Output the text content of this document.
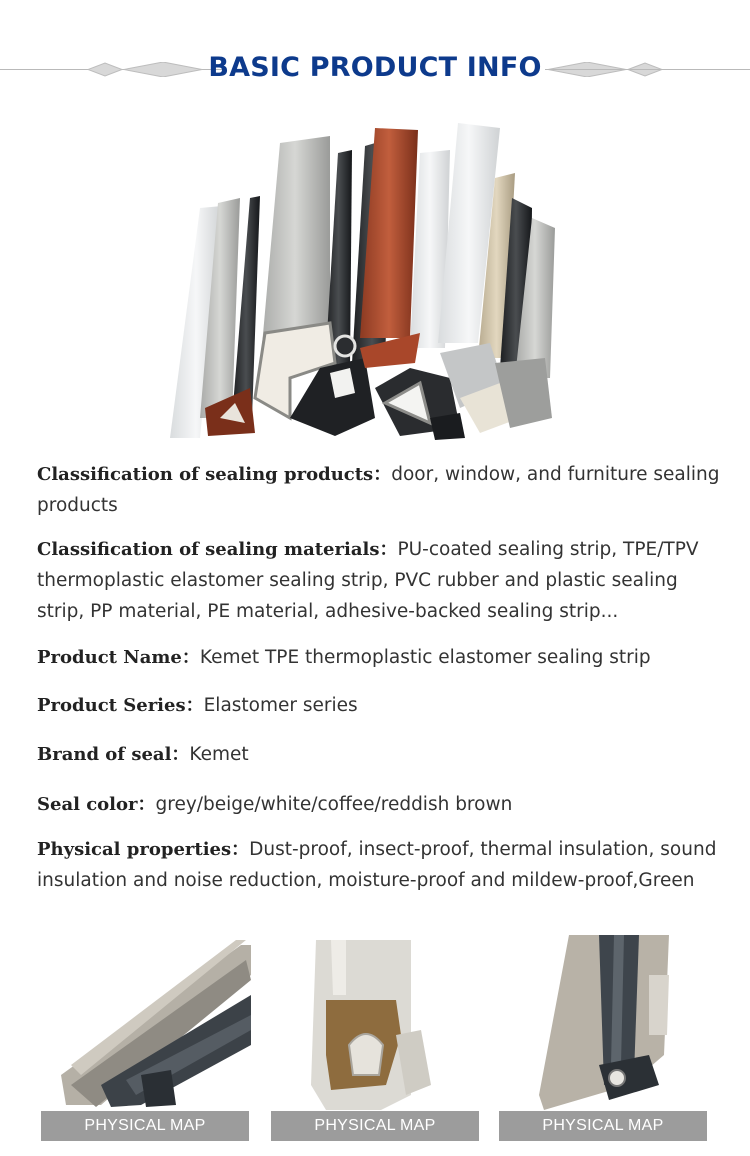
BASIC PRODUCT INFO
Classification of sealing products：door, window, and furniture sealing products
Classification of sealing materials：PU-coated sealing strip, TPE/TPV thermoplastic elastomer sealing strip, PVC rubber and plastic sealing strip, PP material, PE material, adhesive-backed sealing strip...
Product Name：Kemet TPE thermoplastic elastomer sealing strip
Product Series：Elastomer series
Brand of seal：Kemet
Seal color：grey/beige/white/coffee/reddish brown
Physical properties：Dust-proof, insect-proof, thermal insulation, sound insulation and noise reduction, moisture-proof and mildew-proof,Green
PHYSICAL MAP	PHYSICAL MAP	PHYSICAL MAP
